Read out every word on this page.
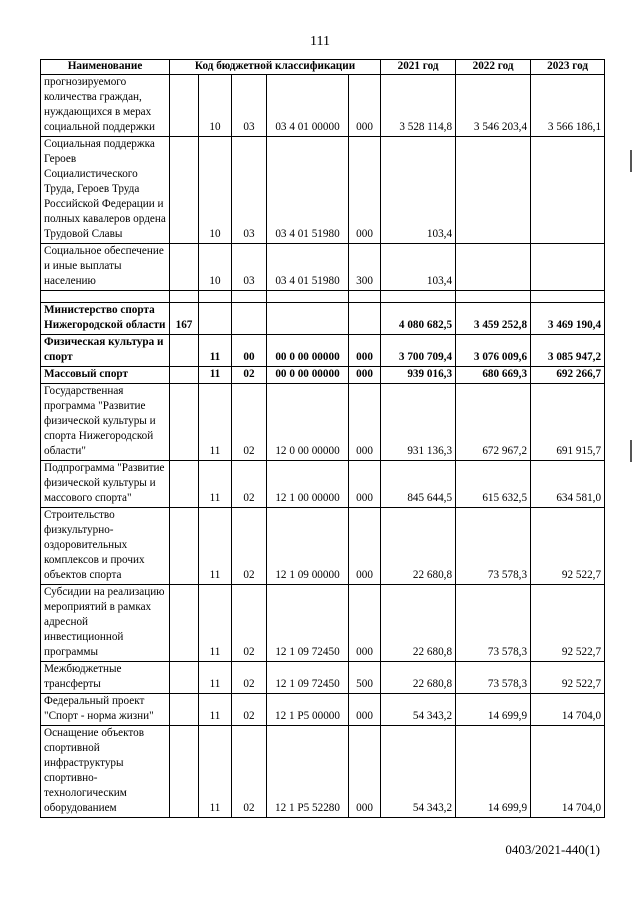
111
Наименование	Код бюджетной классификации					2021 год	2022 год	2023 год
прогнозируемого количества граждан, нуждающихся в мерах социальной поддержки		10	03	03 4 01 00000	000	3 528 114,8	3 546 203,4	3 566 186,1
Социальная поддержка Героев Социалистического Труда, Героев Труда Российской Федерации и полных кавалеров ордена Трудовой Славы		10	03	03 4 01 51980	000	103,4		
Социальное обеспечение и иные выплаты населению		10	03	03 4 01 51980	300	103,4		

Министерство спорта Нижегородской области	167					4 080 682,5	3 459 252,8	3 469 190,4
Физическая культура и спорт		11	00	00 0 00 00000	000	3 700 709,4	3 076 009,6	3 085 947,2
Массовый спорт		11	02	00 0 00 00000	000	939 016,3	680 669,3	692 266,7
Государственная программа "Развитие физической культуры и спорта Нижегородской области"		11	02	12 0 00 00000	000	931 136,3	672 967,2	691 915,7
Подпрограмма "Развитие физической культуры и массового спорта"		11	02	12 1 00 00000	000	845 644,5	615 632,5	634 581,0
Строительство физкультурно-оздоровительных комплексов и прочих объектов спорта		11	02	12 1 09 00000	000	22 680,8	73 578,3	92 522,7
Субсидии на реализацию мероприятий в рамках адресной инвестиционной программы		11	02	12 1 09 72450	000	22 680,8	73 578,3	92 522,7
Межбюджетные трансферты		11	02	12 1 09 72450	500	22 680,8	73 578,3	92 522,7
Федеральный проект "Спорт - норма жизни"		11	02	12 1 P5 00000	000	54 343,2	14 699,9	14 704,0
Оснащение объектов спортивной инфраструктуры спортивно-технологическим оборудованием		11	02	12 1 P5 52280	000	54 343,2	14 699,9	14 704,0
0403/2021-440(1)
